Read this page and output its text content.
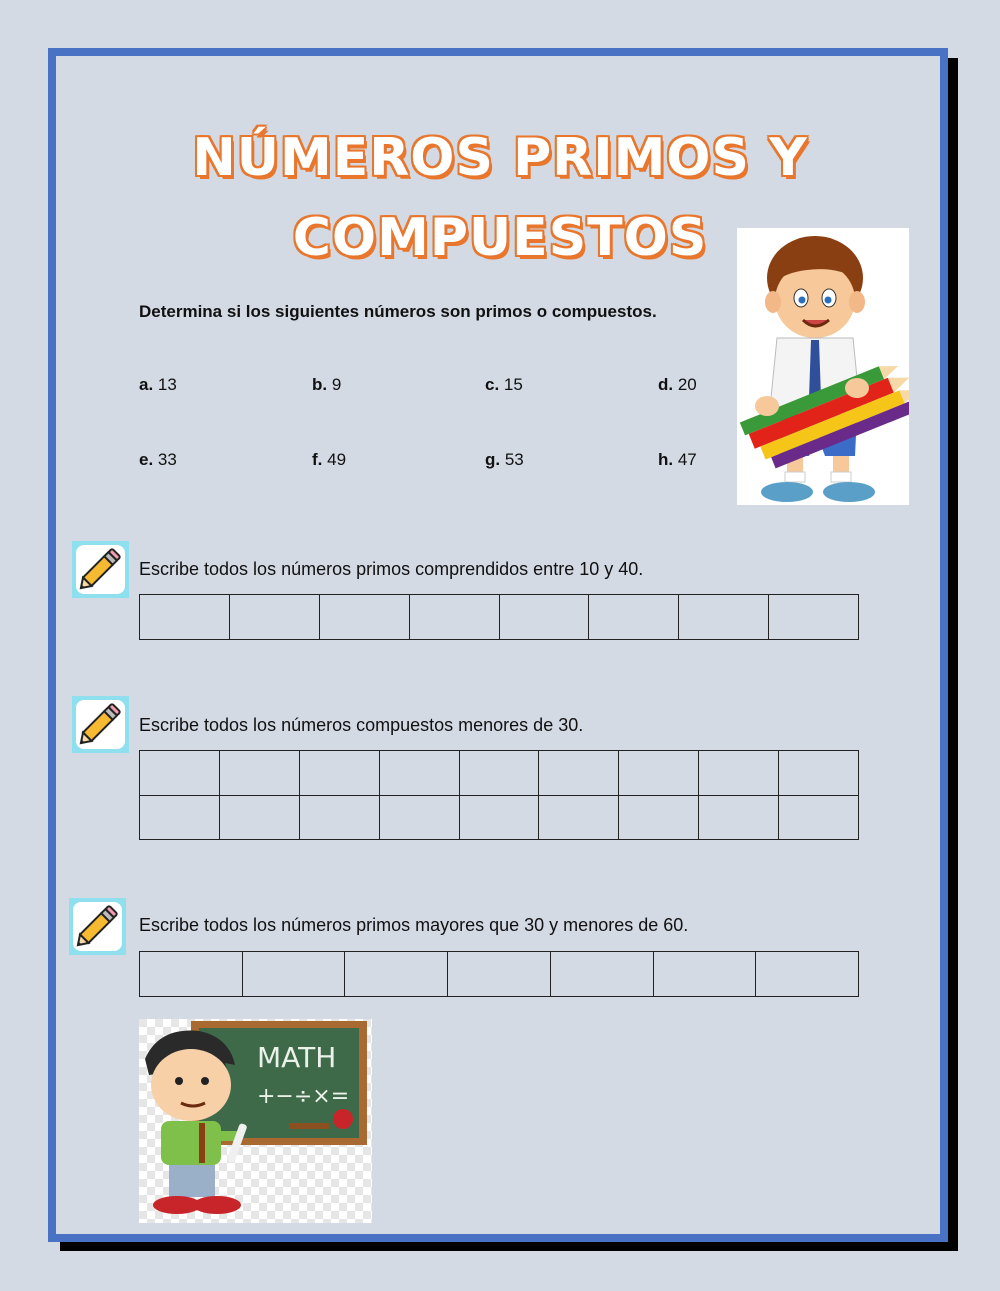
NÚMEROS PRIMOS Y
COMPUESTOS
Determina si los siguientes números son primos o compuestos.
a. 13	b. 9	c. 15	d. 20
e. 33	f. 49	g. 53	h. 47
Escribe todos los números primos comprendidos entre 10 y 40.

Escribe todos los números compuestos menores de 30.

Escribe todos los números primos mayores que 30 y menores de 60.

MATH
+−÷×=
